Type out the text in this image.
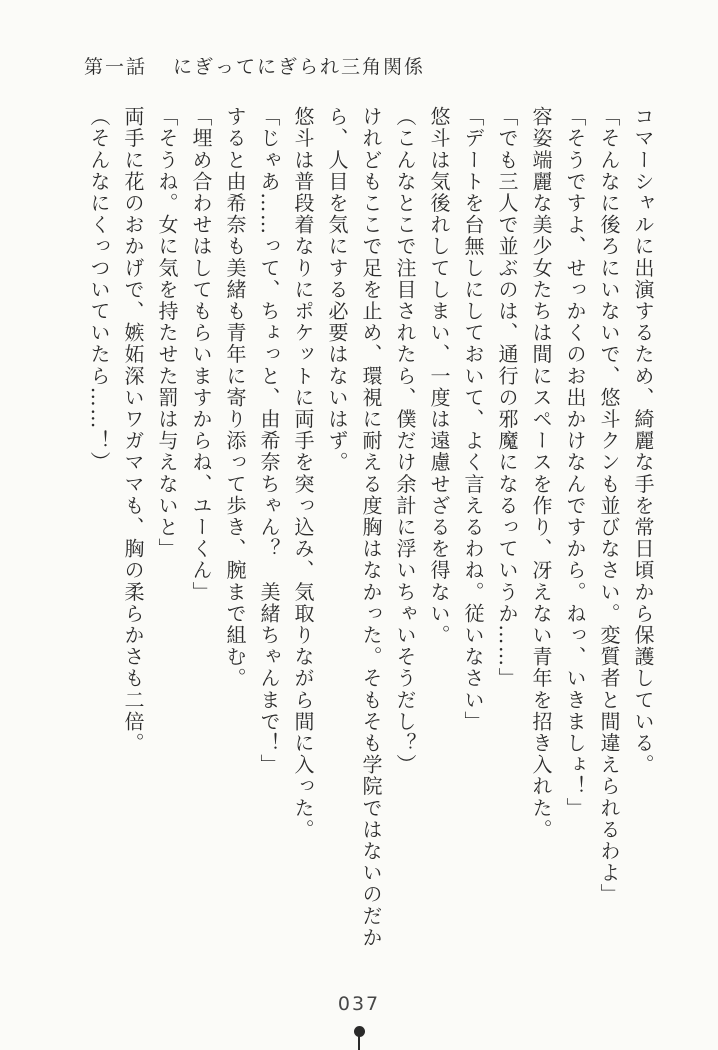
第一話 にぎってにぎられ三角関係

コマーシャルに出演するため、綺麗な手を常日頃から保護している。

「そんなに後ろにいないで、悠斗クンも並びなさい。変質者と間違えられるわよ」

「そうですよ、せっかくのお出かけなんですから。ねっ、いきましょ！」

容姿端麗な美少女たちは間にスペースを作り、冴えない青年を招き入れた。

「でも三人で並ぶのは、通行の邪魔になるっていうか……」

「デートを台無しにしておいて、よく言えるわね。従いなさい」

悠斗は気後れしてしまい、一度は遠慮せざるを得ない。

（こんなとこで注目されたら、僕だけ余計に浮いちゃいそうだし？）

けれどもここで足を止め、環視に耐える度胸はなかった。そもそも学院ではないのだか

ら、人目を気にする必要はないはず。

悠斗は普段着なりにポケットに両手を突っ込み、気取りながら間に入った。

「じゃあ……って、ちょっと、由希奈ちゃん？　美緒ちゃんまで！」

すると由希奈も美緒も青年に寄り添って歩き、腕まで組む。

「埋め合わせはしてもらいますからね、ユーくん」

「そうね。女に気を持たせた罰は与えないと」

両手に花のおかげで、嫉妬深いワガママも、胸の柔らかさも二倍。

（そんなにくっついていたら……！）

037
